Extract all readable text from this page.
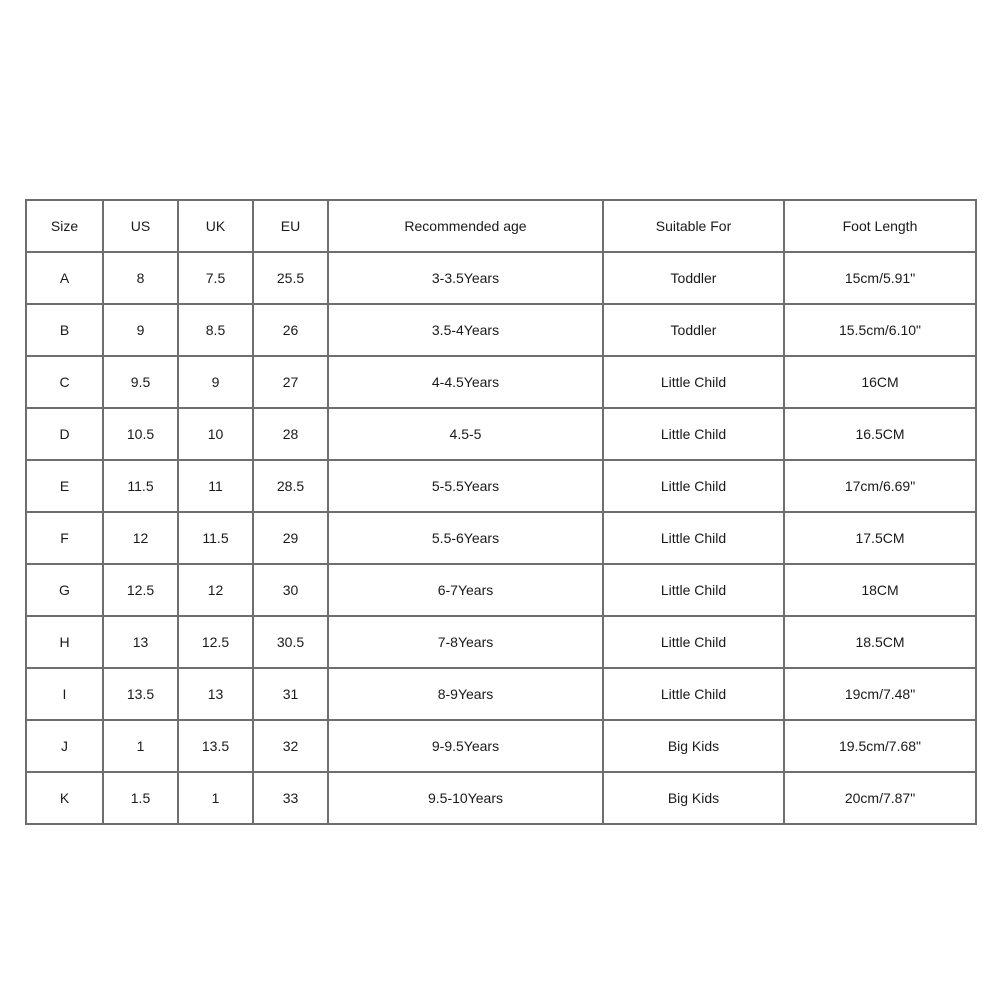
Size	US	UK	EU	Recommended age	Suitable For	Foot Length
A	8	7.5	25.5	3-3.5Years	Toddler	15cm/5.91"
B	9	8.5	26	3.5-4Years	Toddler	15.5cm/6.10"
C	9.5	9	27	4-4.5Years	Little Child	16CM
D	10.5	10	28	4.5-5	Little Child	16.5CM
E	11.5	11	28.5	5-5.5Years	Little Child	17cm/6.69"
F	12	11.5	29	5.5-6Years	Little Child	17.5CM
G	12.5	12	30	6-7Years	Little Child	18CM
H	13	12.5	30.5	7-8Years	Little Child	18.5CM
I	13.5	13	31	8-9Years	Little Child	19cm/7.48"
J	1	13.5	32	9-9.5Years	Big Kids	19.5cm/7.68"
K	1.5	1	33	9.5-10Years	Big Kids	20cm/7.87"
